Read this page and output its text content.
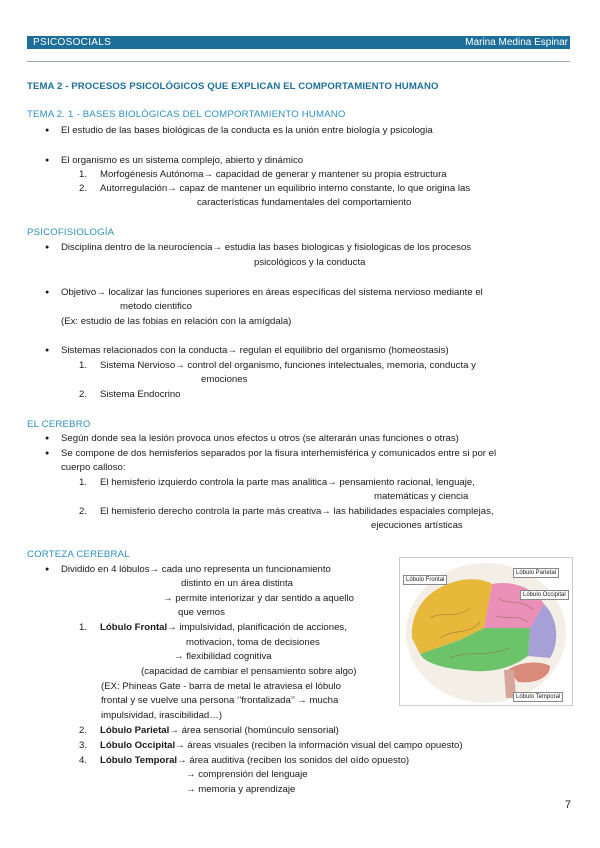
PSICOSOCIALS	Marina Medina Espinar
TEMA 2 - PROCESOS PSICOLÓGICOS QUE EXPLICAN EL COMPORTAMIENTO HUMANO
TEMA 2. 1 - BASES BIOLÓGICAS DEL COMPORTAMIENTO HUMANO
● El estudio de las bases biológicas de la conducta es la unión entre biología y psicologia
● El organismo es un sistema complejo, abierto y dinámico
1. Morfogénesis Autónoma→ capacidad de generar y mantener su propia estructura
2. Autorregulación→ capaz de mantener un equilibrio interno constante, lo que origina las
características fundamentales del comportamiento
PSICOFISIOLOGÍA
● Disciplina dentro de la neurociencia→ estudia las bases biologicas y fisiologicas de los procesos
psicológicos y la conducta
● Objetivo→ localizar las funciones superiores en áreas específicas del sistema nervioso mediante el
metodo cientifico
(Ex: estudio de las fobias en relación con la amígdala)
● Sistemas relacionados con la conducta→ regulan el equilibrio del organismo (homeostasis)
1. Sistema Nervioso→ control del organismo, funciones intelectuales, memoria, conducta y
emociones
2. Sistema Endocrino
EL CEREBRO
● Según donde sea la lesión provoca unos efectos u otros (se alterarán unas funciones o otras)
● Se compone de dos hemisferios separados por la fisura interhemisférica y comunicados entre si por el
cuerpo calloso:
1. El hemisferio izquierdo controla la parte mas analitica→ pensamiento racional, lenguaje,
matemáticas y ciencia
2. El hemisferio derecho controla la parte más creativa→ las habilidades espaciales complejas,
ejecuciones artísticas
CORTEZA CEREBRAL
● Dividido en 4 lóbulos→ cada uno representa un funcionamiento
distinto en un área distinta
→ permite interiorizar y dar sentido a aquello
que vemos
1. Lóbulo Frontal→ impulsividad, planificación de acciones,
motivacion, toma de decisiones
→ flexibilidad cognitiva
(capacidad de cambiar el pensamiento sobre algo)
(EX: Phineas Gate - barra de metal le atraviesa el lóbulo
frontal y se vuelve una persona ‘’frontalizada’’ → mucha
impulsividad, irascibilidad…)
2. Lóbulo Parietal→ área sensorial (homúnculo sensorial)
3. Lóbulo Occipital→ áreas visuales (reciben la información visual del campo opuesto)
4. Lóbulo Temporal→ área auditiva (reciben los sonidos del oído opuesto)
→ comprensión del lenguaje
→ memoria y aprendizaje
Lóbulo Frontal
Lóbulo Parietal
Lóbulo Occipital
Lóbulo Temporal
7
